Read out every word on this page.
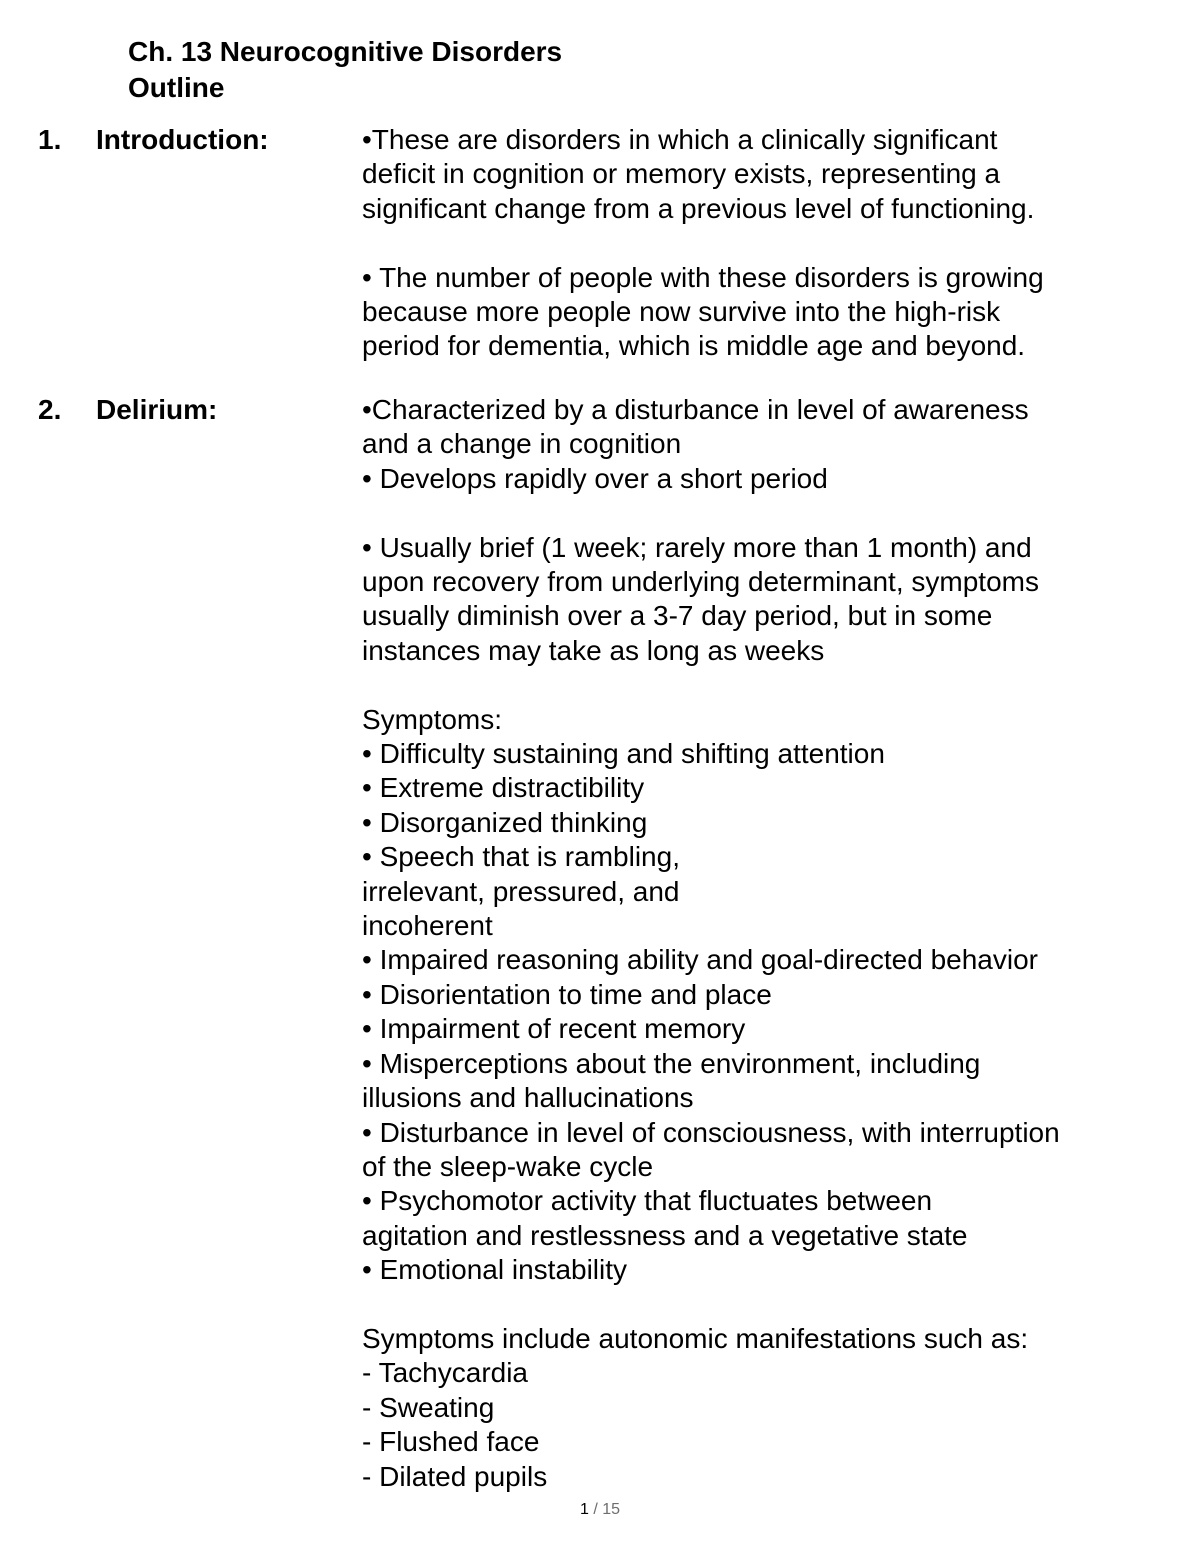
Ch. 13 Neurocognitive Disorders
Outline
1. Introduction:	•These are disorders in which a clinically significant
deficit in cognition or memory exists, representing a
significant change from a previous level of functioning.
• The number of people with these disorders is growing
because more people now survive into the high-risk
period for dementia, which is middle age and beyond.
2. Delirium:	•Characterized by a disturbance in level of awareness
and a change in cognition
• Develops rapidly over a short period
• Usually brief (1 week; rarely more than 1 month) and
upon recovery from underlying determinant, symptoms
usually diminish over a 3-7 day period, but in some
instances may take as long as weeks
Symptoms:
• Difficulty sustaining and shifting attention
• Extreme distractibility
• Disorganized thinking
• Speech that is rambling,
irrelevant, pressured, and
incoherent
• Impaired reasoning ability and goal-directed behavior
• Disorientation to time and place
• Impairment of recent memory
• Misperceptions about the environment, including
illusions and hallucinations
• Disturbance in level of consciousness, with interruption
of the sleep-wake cycle
• Psychomotor activity that fluctuates between
agitation and restlessness and a vegetative state
• Emotional instability
Symptoms include autonomic manifestations such as:
- Tachycardia
- Sweating
- Flushed face
- Dilated pupils
1 / 15
